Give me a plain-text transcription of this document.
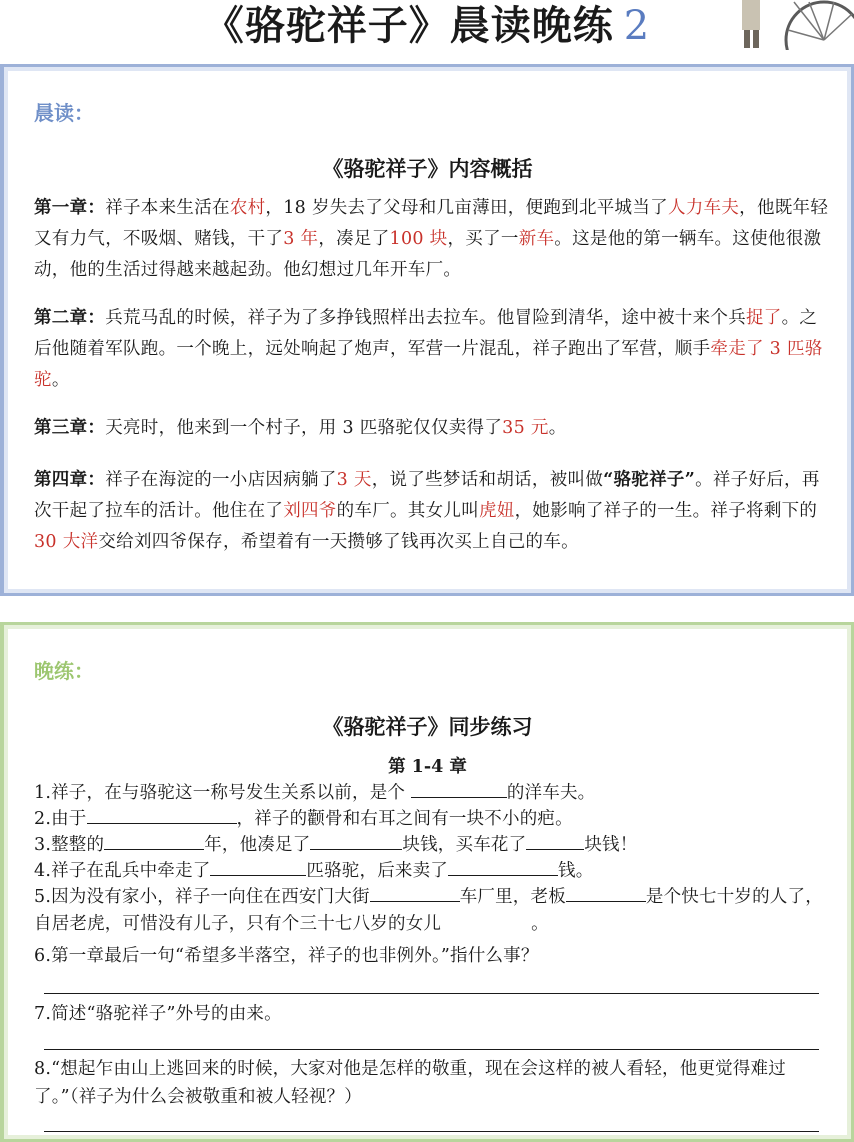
《骆驼祥子》晨读晚练 2
晨读：
《骆驼祥子》内容概括
第一章：祥子本来生活在农村，18 岁失去了父母和几亩薄田，便跑到北平城当了人力车夫，他既年轻又有力气，不吸烟、赌钱，干了3 年，凑足了100 块，买了一新车。这是他的第一辆车。这使他很激动，他的生活过得越来越起劲。他幻想过几年开车厂。
第二章：兵荒马乱的时候，祥子为了多挣钱照样出去拉车。他冒险到清华，途中被十来个兵捉了。之后他随着军队跑。一个晚上，远处响起了炮声，军营一片混乱，祥子跑出了军营，顺手牵走了 3 匹骆驼。
第三章：天亮时，他来到一个村子，用 3 匹骆驼仅仅卖得了35 元。
第四章：祥子在海淀的一小店因病躺了3 天，说了些梦话和胡话，被叫做“骆驼祥子”。祥子好后，再次干起了拉车的活计。他住在了刘四爷的车厂。其女儿叫虎妞，她影响了祥子的一生。祥子将剩下的30 大洋交给刘四爷保存，希望着有一天攒够了钱再次买上自己的车。
晚练：
《骆驼祥子》同步练习
第 1-4 章
1.祥子，在与骆驼这一称号发生关系以前，是个	的洋车夫。
2.由于	，祥子的颧骨和右耳之间有一块不小的疤。
3.整整的	年，他凑足了	块钱，买车花了	块钱！
4.祥子在乱兵中牵走了	匹骆驼，后来卖了	钱。
5.因为没有家小，祥子一向住在西安门大街	车厂里，老板	是个快七十岁的人了，自居老虎，可惜没有儿子，只有个三十七八岁的女儿	。
6.第一章最后一句“希望多半落空，祥子的也非例外。”指什么事？
7.简述“骆驼祥子”外号的由来。
8.“想起乍由山上逃回来的时候，大家对他是怎样的敬重，现在会这样的被人看轻，他更觉得难过了。”（祥子为什么会被敬重和被人轻视？）
